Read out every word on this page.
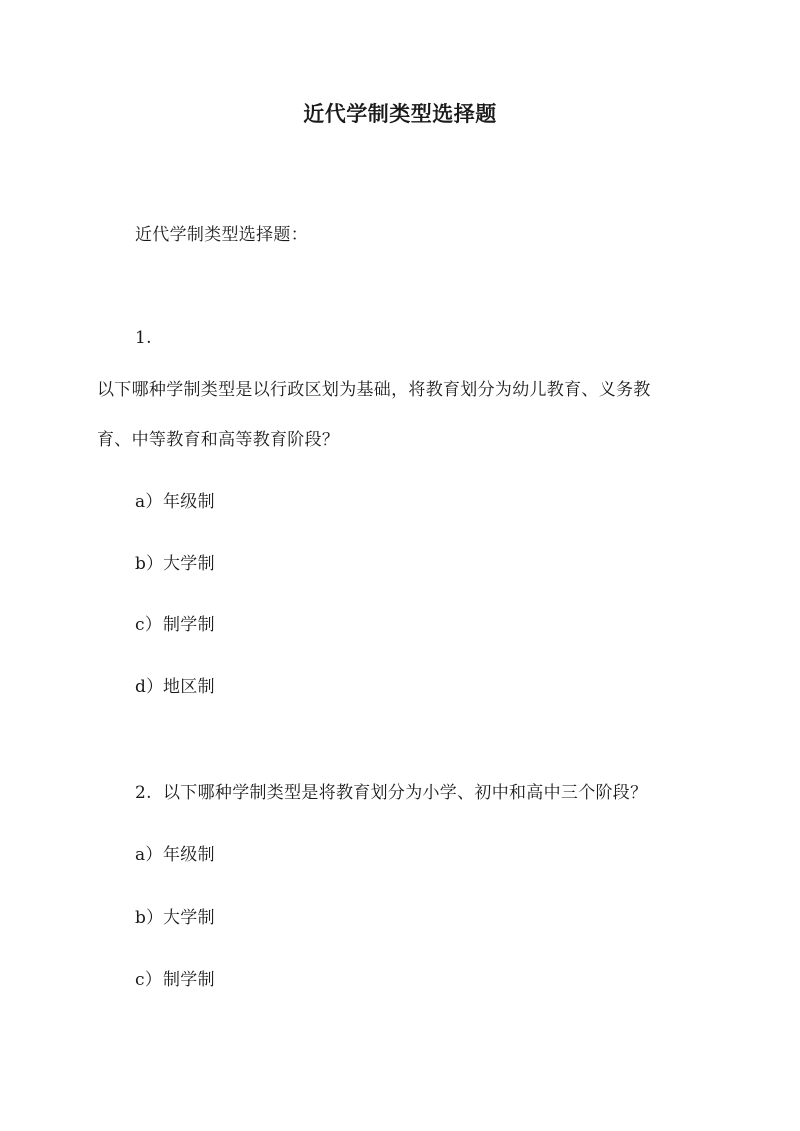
近代学制类型选择题
近代学制类型选择题：
1.
以下哪种学制类型是以行政区划为基础，将教育划分为幼儿教育、义务教
育、中等教育和高等教育阶段？
a）年级制
b）大学制
c）制学制
d）地区制
2. 以下哪种学制类型是将教育划分为小学、初中和高中三个阶段？
a）年级制
b）大学制
c）制学制
